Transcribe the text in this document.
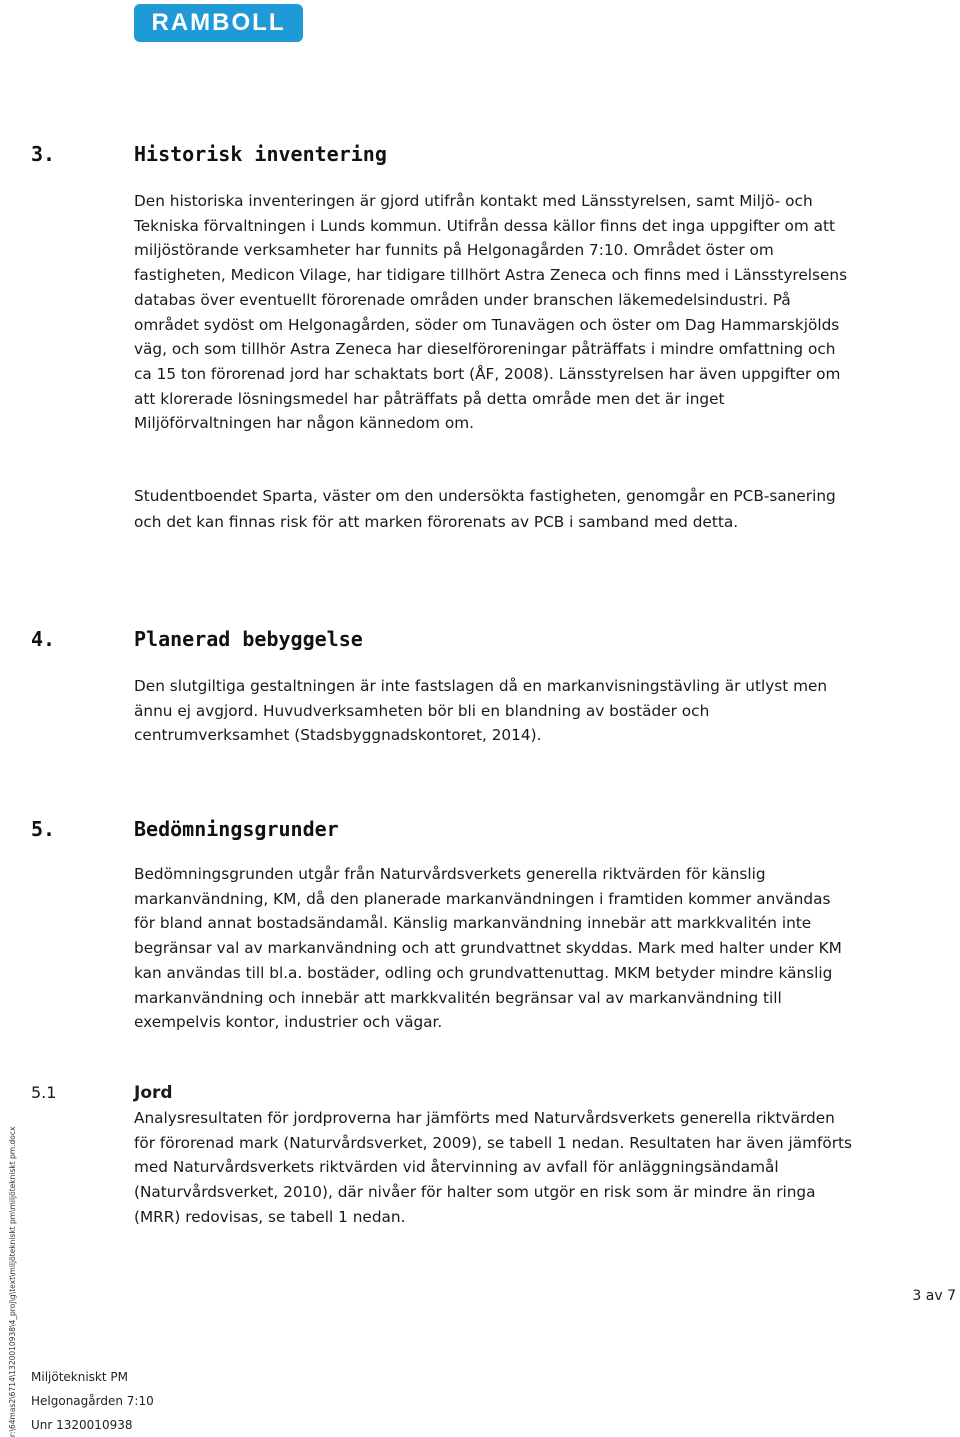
RAMBOLL
3.	Historisk inventering

Den historiska inventeringen är gjord utifrån kontakt med Länsstyrelsen, samt Miljö- och Tekniska förvaltningen i Lunds kommun. Utifrån dessa källor finns det inga uppgifter om att miljöstörande verksamheter har funnits på Helgonagården 7:10. Området öster om fastigheten, Medicon Vilage, har tidigare tillhört Astra Zeneca och finns med i Länsstyrelsens databas över eventuellt förorenade områden under branschen läkemedelsindustri. På området sydöst om Helgonagården, söder om Tunavägen och öster om Dag Hammarskjölds väg, och som tillhör Astra Zeneca har dieselföroreningar påträffats i mindre omfattning och ca 15 ton förorenad jord har schaktats bort (ÅF, 2008). Länsstyrelsen har även uppgifter om att klorerade lösningsmedel har påträffats på detta område men det är inget Miljöförvaltningen har någon kännedom om.

Studentboendet Sparta, väster om den undersökta fastigheten, genomgår en PCB-sanering och det kan finnas risk för att marken förorenats av PCB i samband med detta.

4.	Planerad bebyggelse

Den slutgiltiga gestaltningen är inte fastslagen då en markanvisningstävling är utlyst men ännu ej avgjord. Huvudverksamheten bör bli en blandning av bostäder och centrumverksamhet (Stadsbyggnadskontoret, 2014).

5.	Bedömningsgrunder

Bedömningsgrunden utgår från Naturvårdsverkets generella riktvärden för känslig markanvändning, KM, då den planerade markanvändningen i framtiden kommer användas för bland annat bostadsändamål. Känslig markanvändning innebär att markkvalitén inte begränsar val av markanvändning och att grundvattnet skyddas. Mark med halter under KM kan användas till bl.a. bostäder, odling och grundvattenuttag. MKM betyder mindre känslig markanvändning och innebär att markkvalitén begränsar val av markanvändning till exempelvis kontor, industrier och vägar.

5.1	Jord

Analysresultaten för jordproverna har jämförts med Naturvårdsverkets generella riktvärden för förorenad mark (Naturvårdsverket, 2009), se tabell 1 nedan. Resultaten har även jämförts med Naturvårdsverkets riktvärden vid återvinning av avfall för anläggningsändamål (Naturvårdsverket, 2010), där nivåer för halter som utgör en risk som är mindre än ringa (MRR) redovisas, se tabell 1 nedan.

r:\64mas2\6714\1320010938\4_proj\g\text\miljötekniskt pm\miljötekniskt pm.docx	3 av 7
Miljötekniskt PM
Helgonagården 7:10
Unr 1320010938
